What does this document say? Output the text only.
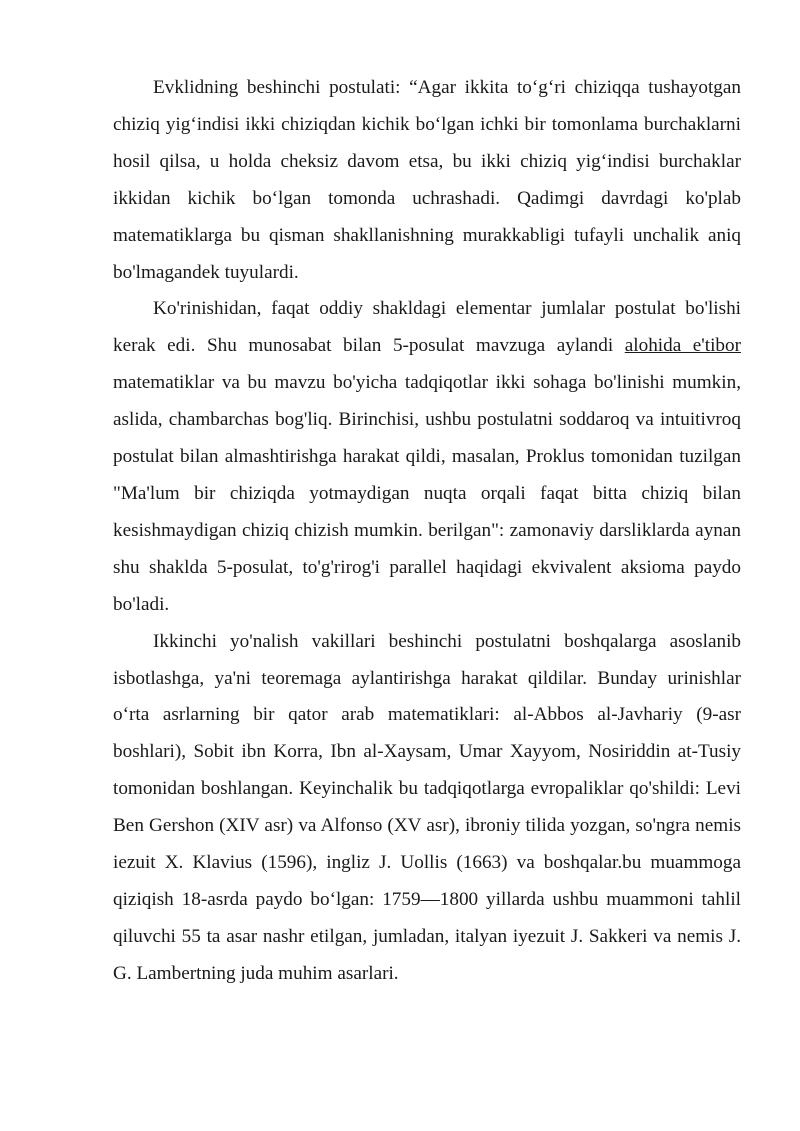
Evklidning beshinchi postulati: “Agar ikkita to‘g‘ri chiziqqa tushayotgan chiziq yig‘indisi ikki chiziqdan kichik bo‘lgan ichki bir tomonlama burchaklarni hosil qilsa, u holda cheksiz davom etsa, bu ikki chiziq yig‘indisi burchaklar ikkidan kichik bo‘lgan tomonda uchrashadi. Qadimgi davrdagi ko'plab matematiklarga bu qisman shakllanishning murakkabligi tufayli unchalik aniq bo'lmagandek tuyulardi.

Ko'rinishidan, faqat oddiy shakldagi elementar jumlalar postulat bo'lishi kerak edi. Shu munosabat bilan 5-posulat mavzuga aylandi alohida e'tibor matematiklar va bu mavzu bo'yicha tadqiqotlar ikki sohaga bo'linishi mumkin, aslida, chambarchas bog'liq. Birinchisi, ushbu postulatni soddaroq va intuitivroq postulat bilan almashtirishga harakat qildi, masalan, Proklus tomonidan tuzilgan "Ma'lum bir chiziqda yotmaydigan nuqta orqali faqat bitta chiziq bilan kesishmaydigan chiziq chizish mumkin. berilgan": zamonaviy darsliklarda aynan shu shaklda 5-posulat, to'g'rirog'i parallel haqidagi ekvivalent aksioma paydo bo'ladi.

Ikkinchi yo'nalish vakillari beshinchi postulatni boshqalarga asoslanib isbotlashga, ya'ni teoremaga aylantirishga harakat qildilar. Bunday urinishlar o‘rta asrlarning bir qator arab matematiklari: al-Abbos al-Javhariy (9-asr boshlari), Sobit ibn Korra, Ibn al-Xaysam, Umar Xayyom, Nosiriddin at-Tusiy tomonidan boshlangan. Keyinchalik bu tadqiqotlarga evropaliklar qo'shildi: Levi Ben Gershon (XIV asr) va Alfonso (XV asr), ibroniy tilida yozgan, so'ngra nemis iezuit X. Klavius (1596), ingliz J. Uollis (1663) va boshqalar.bu muammoga qiziqish 18-asrda paydo bo‘lgan: 1759—1800 yillarda ushbu muammoni tahlil qiluvchi 55 ta asar nashr etilgan, jumladan, italyan iyezuit J. Sakkeri va nemis J. G. Lambertning juda muhim asarlari.
